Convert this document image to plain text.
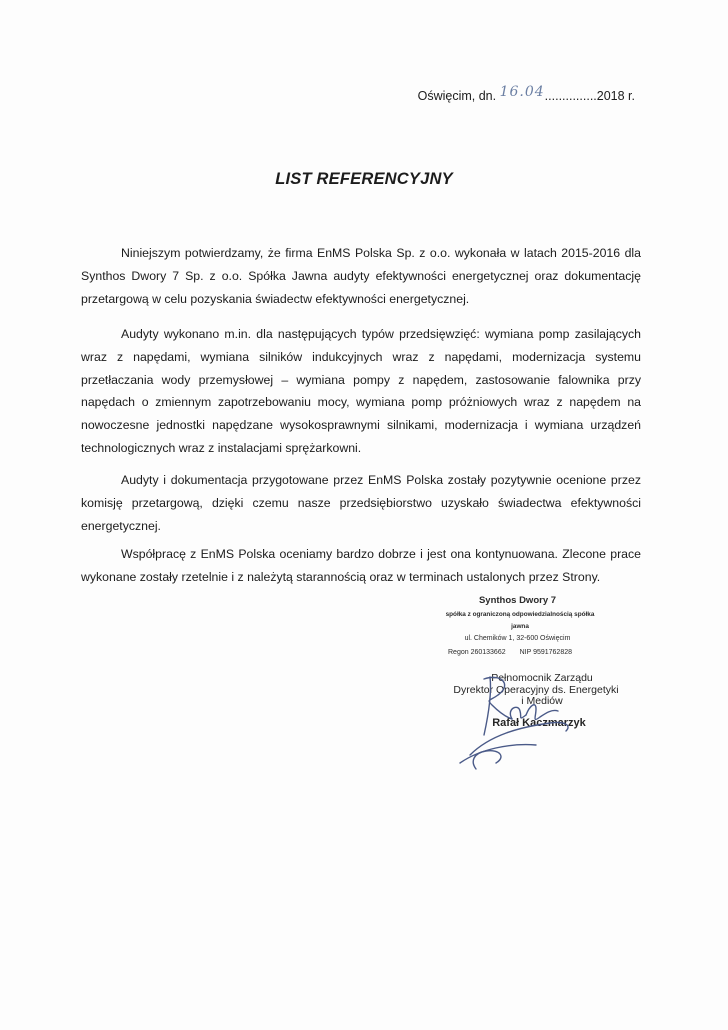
Oświęcim, dn. 16.04...............2018 r.
LIST REFERENCYJNY

Niniejszym potwierdzamy, że firma EnMS Polska Sp. z o.o. wykonała w latach 2015-2016 dla Synthos Dwory 7 Sp. z o.o. Spółka Jawna audyty efektywności energetycznej oraz dokumentację przetargową w celu pozyskania świadectw efektywności energetycznej.

Audyty wykonano m.in. dla następujących typów przedsięwzięć: wymiana pomp zasilających wraz z napędami, wymiana silników indukcyjnych wraz z napędami, modernizacja systemu przetłaczania wody przemysłowej – wymiana pompy z napędem, zastosowanie falownika przy napędach o zmiennym zapotrzebowaniu mocy, wymiana pomp próżniowych wraz z napędem na nowoczesne jednostki napędzane wysokosprawnymi silnikami, modernizacja i wymiana urządzeń technologicznych wraz z instalacjami sprężarkowni.

Audyty i dokumentacja przygotowane przez EnMS Polska zostały pozytywnie ocenione przez komisję przetargową, dzięki czemu nasze przedsiębiorstwo uzyskało świadectwa efektywności energetycznej.

Współpracę z EnMS Polska oceniamy bardzo dobrze i jest ona kontynuowana. Zlecone prace wykonane zostały rzetelnie i z należytą starannością oraz w terminach ustalonych przez Strony.

Synthos Dwory 7
spółka z ograniczoną odpowiedzialnością spółka jawna
ul. Chemików 1, 32-600 Oświęcim
Regon 260133662 NIP 9591762828
Pełnomocnik Zarządu
Dyrektor Operacyjny ds. Energetyki
i Mediów
Rafał Kaczmarzyk
